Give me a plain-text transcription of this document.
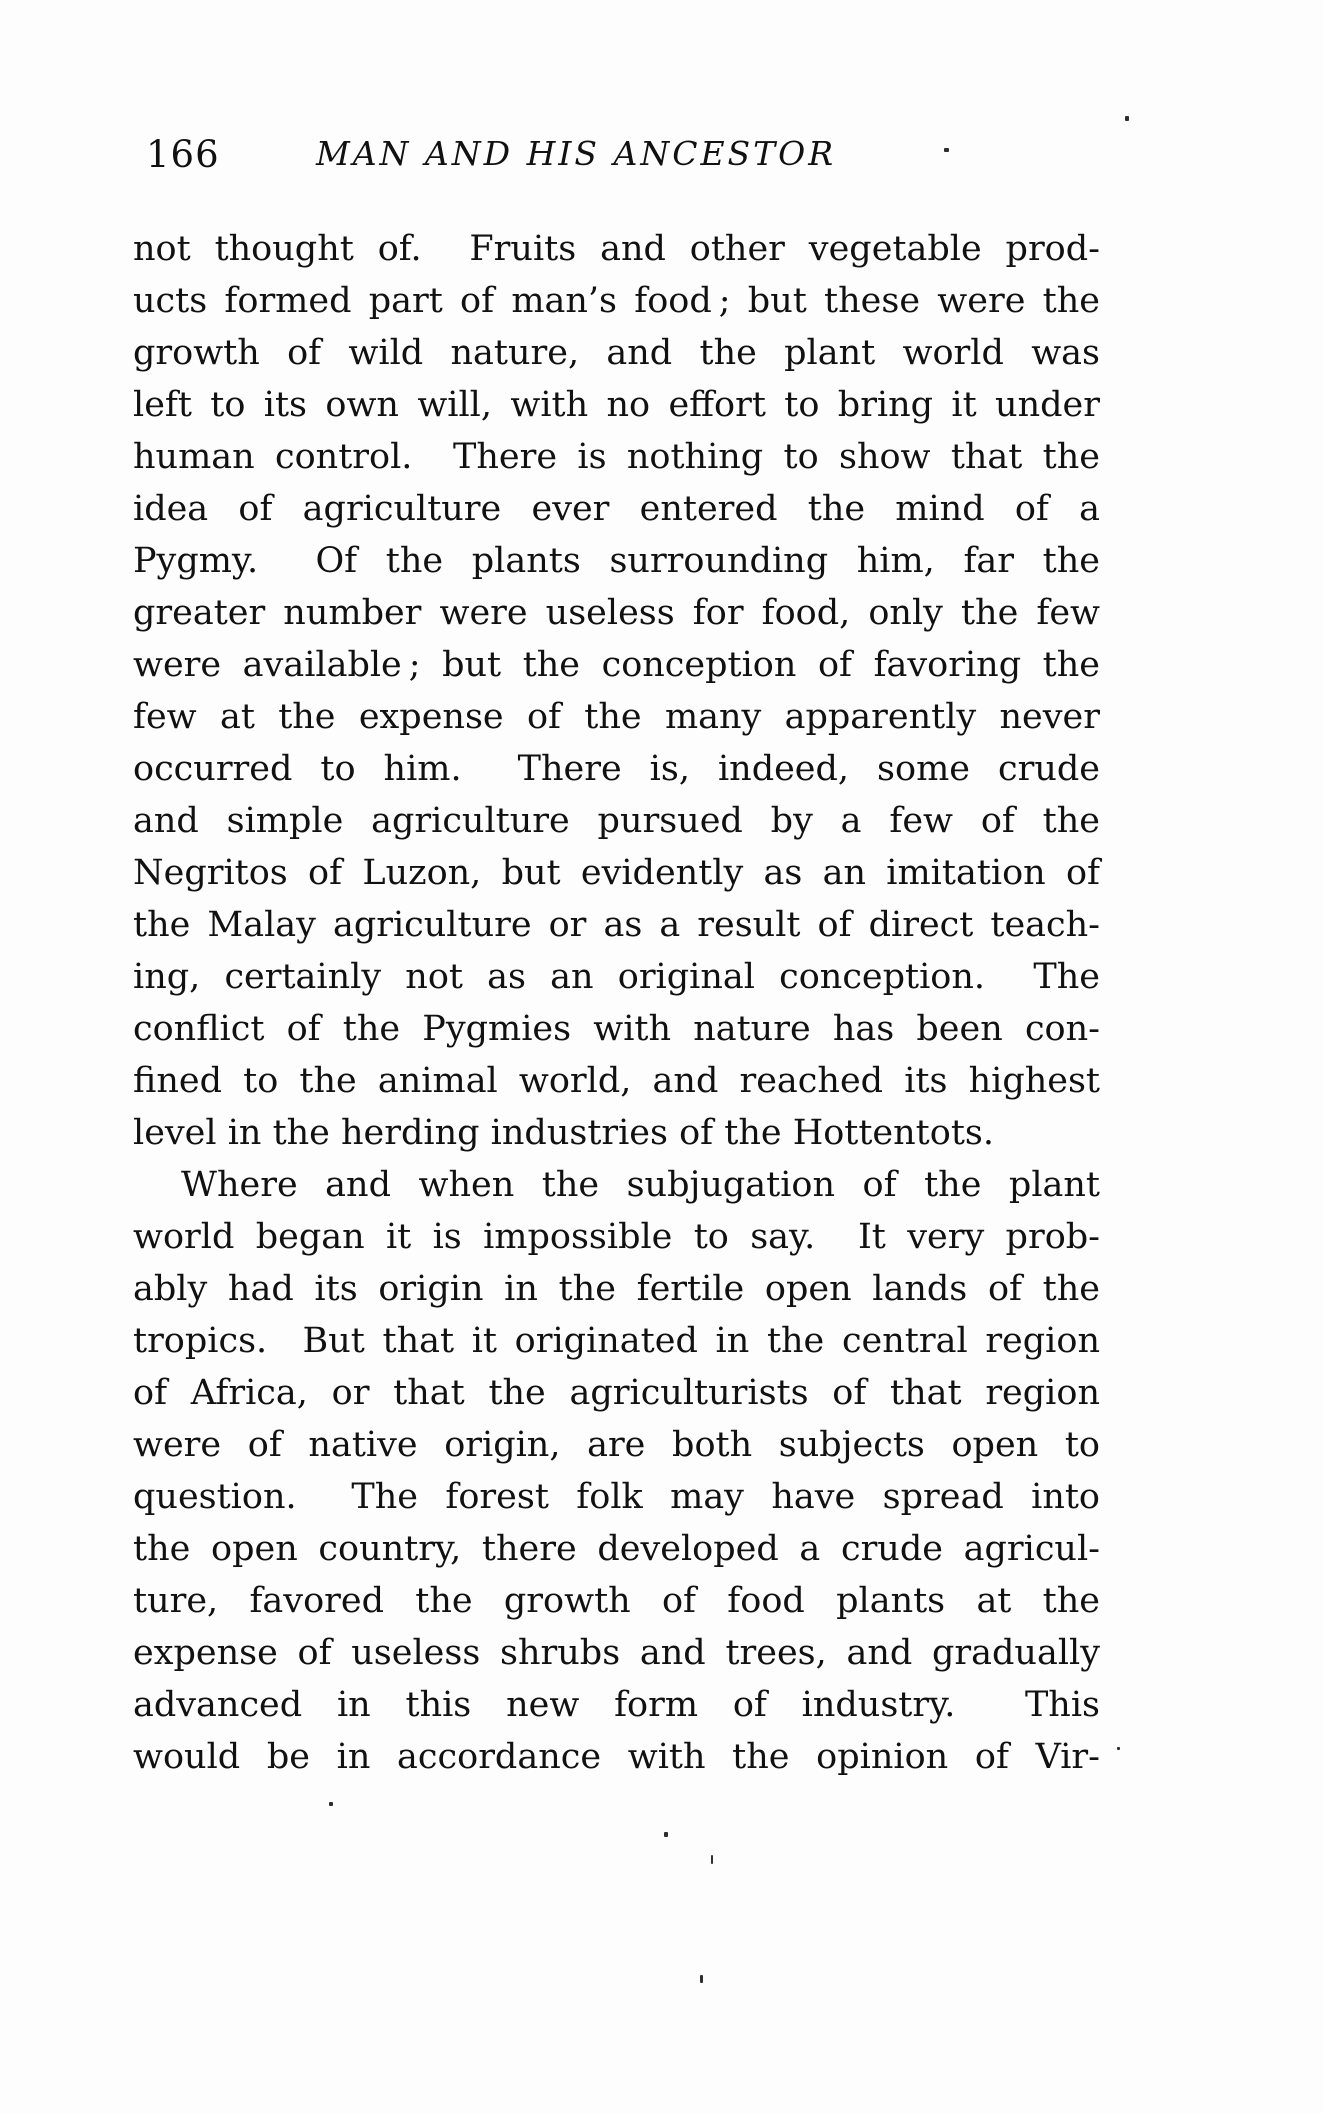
166	MAN AND HIS ANCESTOR
not thought of.  Fruits and other vegetable prod-
ucts formed part of man’s food ; but these were the
growth of wild nature, and the plant world was
left to its own will, with no effort to bring it under
human control.  There is nothing to show that the
idea of agriculture ever entered the mind of a
Pygmy.  Of the plants surrounding him, far the
greater number were useless for food, only the few
were available ; but the conception of favoring the
few at the expense of the many apparently never
occurred to him.  There is, indeed, some crude
and simple agriculture pursued by a few of the
Negritos of Luzon, but evidently as an imitation of
the Malay agriculture or as a result of direct teach-
ing, certainly not as an original conception.  The
conflict of the Pygmies with nature has been con-
fined to the animal world, and reached its highest
level in the herding industries of the Hottentots.
Where and when the subjugation of the plant
world began it is impossible to say.  It very prob-
ably had its origin in the fertile open lands of the
tropics.  But that it originated in the central region
of Africa, or that the agriculturists of that region
were of native origin, are both subjects open to
question.  The forest folk may have spread into
the open country, there developed a crude agricul-
ture, favored the growth of food plants at the
expense of useless shrubs and trees, and gradually
advanced in this new form of industry.  This
would be in accordance with the opinion of Vir-
